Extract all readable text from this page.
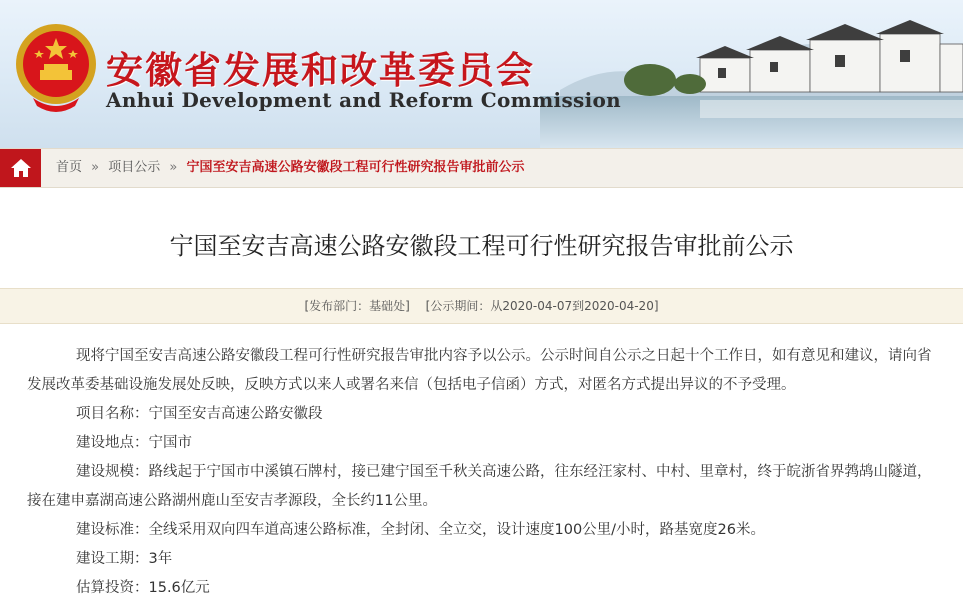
安徽省发展和改革委员会
Anhui Development and Reform Commission
首页 » 项目公示 » 宁国至安吉高速公路安徽段工程可行性研究报告审批前公示
宁国至安吉高速公路安徽段工程可行性研究报告审批前公示
[发布部门：基础处] [公示期间：从2020-04-07到2020-04-20]

现将宁国至安吉高速公路安徽段工程可行性研究报告审批内容予以公示。公示时间自公示之日起十个工作日，如有意见和建议，请向省发展改革委基础设施发展处反映，反映方式以来人或署名来信（包括电子信函）方式，对匿名方式提出异议的不予受理。

项目名称：宁国至安吉高速公路安徽段

建设地点：宁国市

建设规模：路线起于宁国市中溪镇石牌村，接已建宁国至千秋关高速公路，往东经汪家村、中村、里章村，终于皖浙省界鹁鸪山隧道，接在建申嘉湖高速公路湖州鹿山至安吉孝源段，全长约11公里。

建设标准：全线采用双向四车道高速公路标准，全封闭、全立交，设计速度100公里/小时，路基宽度26米。

建设工期：3年

估算投资：15.6亿元
